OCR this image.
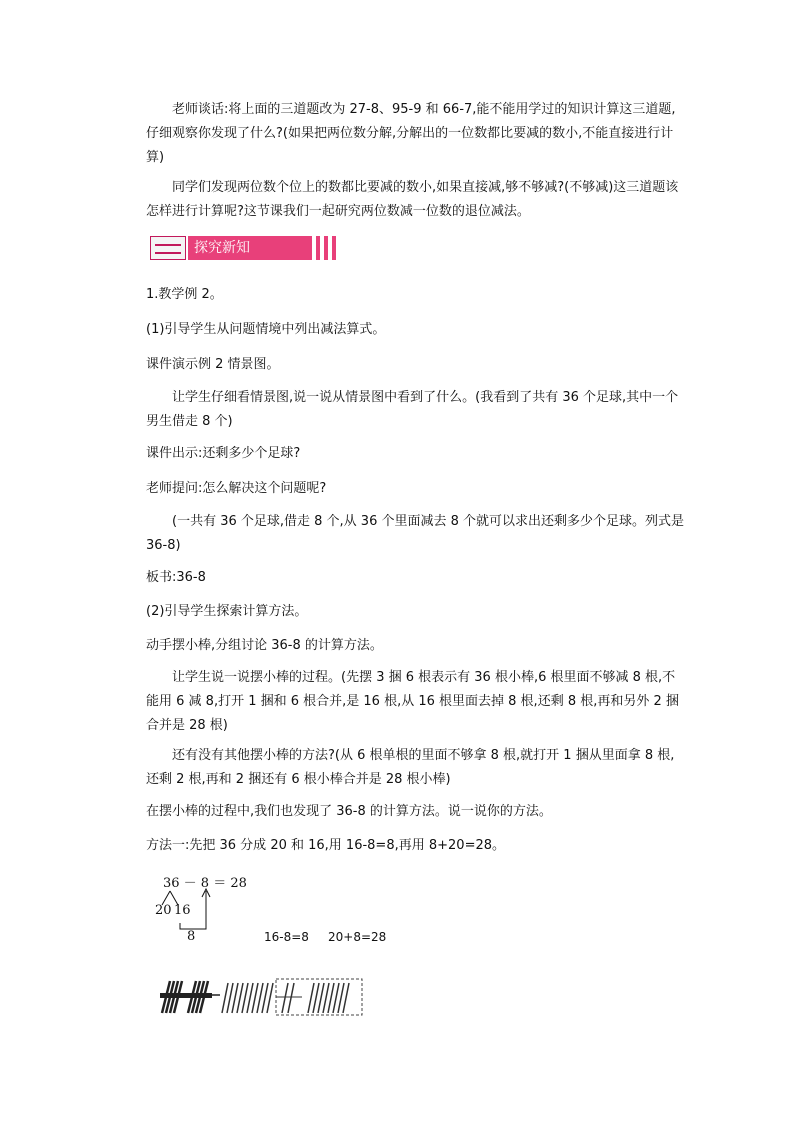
老师谈话:将上面的三道题改为 27-8、95-9 和 66-7,能不能用学过的知识计算这三道题,仔细观察你发现了什么?(如果把两位数分解,分解出的一位数都比要减的数小,不能直接进行计算)

同学们发现两位数个位上的数都比要减的数小,如果直接减,够不够减?(不够减)这三道题该怎样进行计算呢?这节课我们一起研究两位数减一位数的退位减法。

探究新知

1.教学例 2。

(1)引导学生从问题情境中列出减法算式。

课件演示例 2 情景图。

让学生仔细看情景图,说一说从情景图中看到了什么。(我看到了共有 36 个足球,其中一个男生借走 8 个)

课件出示:还剩多少个足球?

老师提问:怎么解决这个问题呢?

(一共有 36 个足球,借走 8 个,从 36 个里面减去 8 个就可以求出还剩多少个足球。列式是 36-8)

板书:36-8

(2)引导学生探索计算方法。

动手摆小棒,分组讨论 36-8 的计算方法。

让学生说一说摆小棒的过程。(先摆 3 捆 6 根表示有 36 根小棒,6 根里面不够减 8 根,不能用 6 减 8,打开 1 捆和 6 根合并,是 16 根,从 16 根里面去掉 8 根,还剩 8 根,再和另外 2 捆合并是 28 根)

还有没有其他摆小棒的方法?(从 6 根单根的里面不够拿 8 根,就打开 1 捆从里面拿 8 根,还剩 2 根,再和 2 捆还有 6 根小棒合并是 28 根小棒)

在摆小棒的过程中,我们也发现了 36-8 的计算方法。说一说你的方法。

方法一:先把 36 分成 20 和 16,用 16-8=8,再用 8+20=28。

36 － 8 ＝ 28
20 16
8	16-8=8 20+8=28
